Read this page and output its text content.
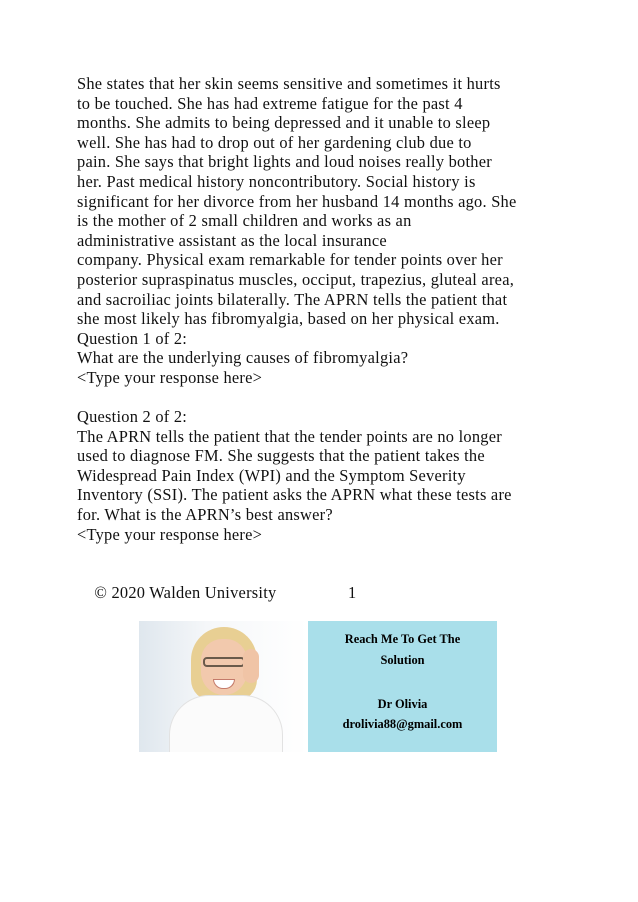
She states that her skin seems sensitive and sometimes it hurts
to be touched. She has had extreme fatigue for the past 4
months. She admits to being depressed and it unable to sleep
well. She has had to drop out of her gardening club due to
pain. She says that bright lights and loud noises really bother
her. Past medical history noncontributory. Social history is
significant for her divorce from her husband 14 months ago. She
is the mother of 2 small children and works as an
administrative assistant as the local insurance
company. Physical exam remarkable for tender points over her
posterior supraspinatus muscles, occiput, trapezius, gluteal area,
and sacroiliac joints bilaterally. The APRN tells the patient that
she most likely has fibromyalgia, based on her physical exam.
Question 1 of 2:
What are the underlying causes of fibromyalgia?
<Type your response here>
Question 2 of 2:
The APRN tells the patient that the tender points are no longer
used to diagnose FM. She suggests that the patient takes the
Widespread Pain Index (WPI) and the Symptom Severity
Inventory (SSI). The patient asks the APRN what these tests are
for. What is the APRN’s best answer?
<Type your response here>

© 2020 Walden University	1

Reach Me To Get The
Solution
Dr Olivia
drolivia88@gmail.com
